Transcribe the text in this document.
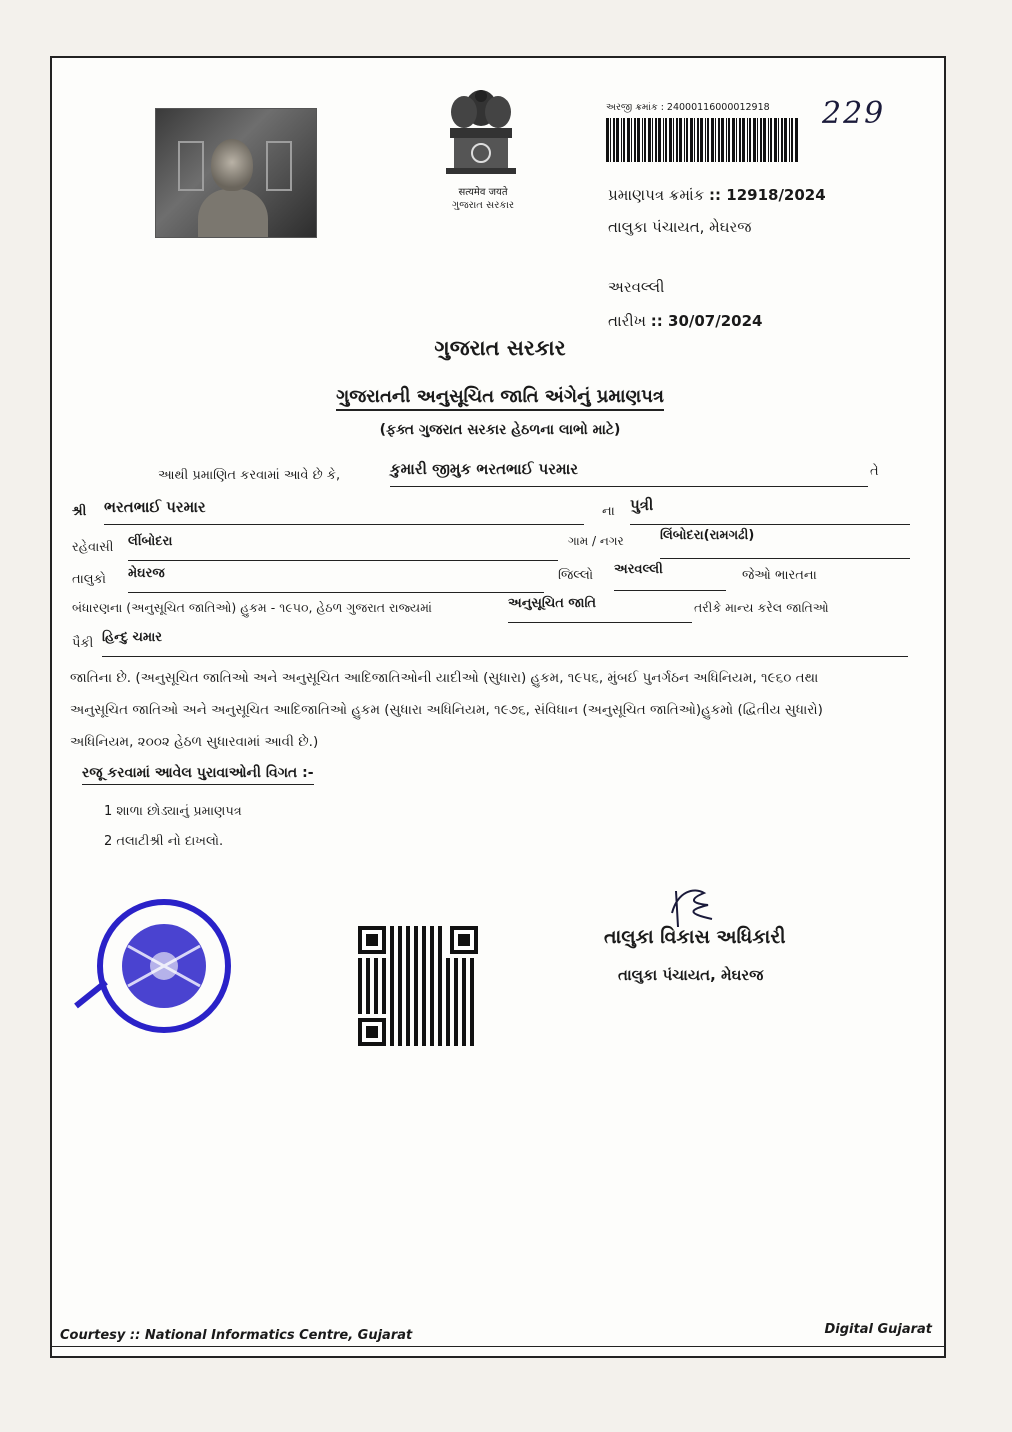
सत्यमेव जयते
ગુજરાત સરકાર
અરજી ક્રમાંક : 24000116000012918 229
પ્રમાણપત્ર ક્રમાંક :: 12918/2024
તાલુકા પંચાયત, મેઘરજ
અરવલ્લી
તારીખ :: 30/07/2024
ગુજરાત સરકાર
ગુજરાતની અનુસૂચિત જાતિ અંગેનું પ્રમાણપત્ર
(ફક્ત ગુજરાત સરકાર હેઠળના લાભો માટે)
આથી પ્રમાણિત કરવામાં આવે છે કે,	કુમારી જીમુક ભરતભાઈ પરમાર	તે
શ્રી ભરતભાઈ પરમાર	ના પુત્રી
રહેવાસી લીંબોદરા	ગામ / નગર	લિંબોદરા(રામગઢી)
તાલુકો મેઘરજ	જિલ્લો અરવલ્લી	જેઓ ભારતના
બંધારણના (અનુસૂચિત જાતિઓ) હુકમ - ૧૯૫૦, હેઠળ ગુજરાત રાજ્યમાં	અનુસૂચિત જાતિ	તરીકે માન્ય કરેલ જાતિઓ
પૈકી હિન્દુ ચમાર
જાતિના છે. (અનુસૂચિત જાતિઓ અને અનુસૂચિત આદિજાતિઓની યાદીઓ (સુધારા) હુકમ, ૧૯૫૬, મુંબઈ પુનર્ગઠન અધિનિયમ, ૧૯૬૦ તથા
અનુસૂચિત જાતિઓ અને અનુસૂચિત આદિજાતિઓ હુકમ (સુધારા અધિનિયમ, ૧૯૭૬, સંવિધાન (અનુસૂચિત જાતિઓ)હુકમો (દ્વિતીય સુધારો)
અધિનિયમ, ૨૦૦૨ હેઠળ સુધારવામાં આવી છે.)
રજૂ કરવામાં આવેલ પુરાવાઓની વિગત :-
1 શાળા છોડ્યાનું પ્રમાણપત્ર
2 તલાટીશ્રી નો દાખલો.
તાલુકા વિકાસ અધિકારી
તાલુકા પંચાયત, મેઘરજ
Digital Gujarat
Courtesy :: National Informatics Centre, Gujarat
